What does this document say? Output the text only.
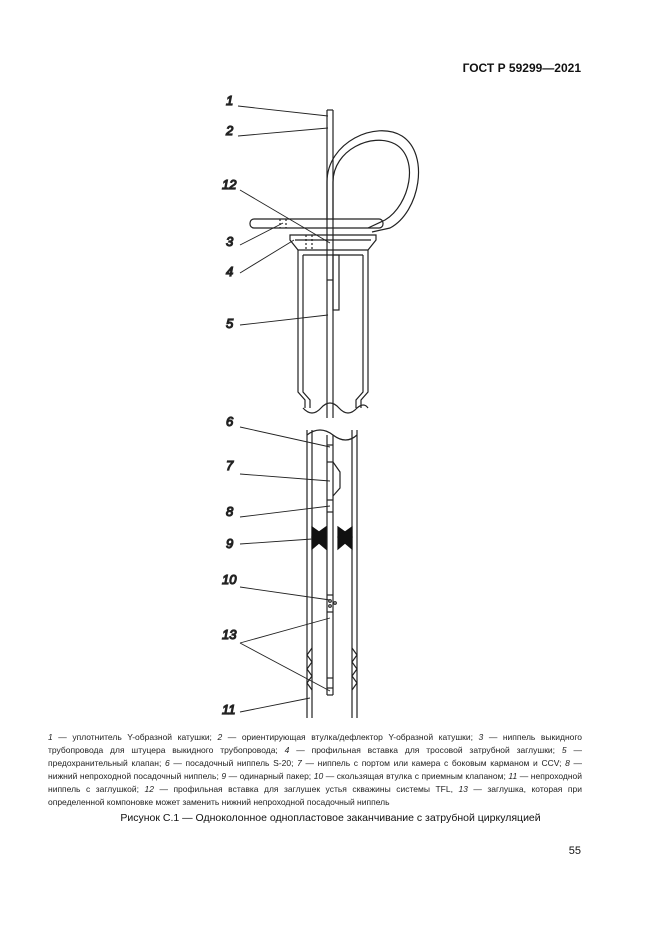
ГОСТ Р 59299—2021
1
2
12
3
4
5
6
7
8
9
10
13
11

1 — уплотнитель Y-образной катушки; 2 — ориентирующая втулка/дефлектор Y-образной катушки; 3 — ниппель выкидного трубопровода для штуцера выкидного трубопровода; 4 — профильная вставка для тросовой затрубной заглушки; 5 — предохранительный клапан; 6 — посадочный ниппель S-20; 7 — ниппель с портом или камера с боковым карманом и CCV; 8 — нижний непроходной посадочный ниппель; 9 — одинарный пакер; 10 — скользящая втулка с приемным клапаном; 11 — непроходной ниппель с заглушкой; 12 — профильная вставка для заглушек устья скважины системы TFL, 13 — заглушка, которая при определенной компоновке может заменить нижний непроходной посадочный ниппель

Рисунок С.1 — Одноколонное однопластовое заканчивание с затрубной циркуляцией
55
